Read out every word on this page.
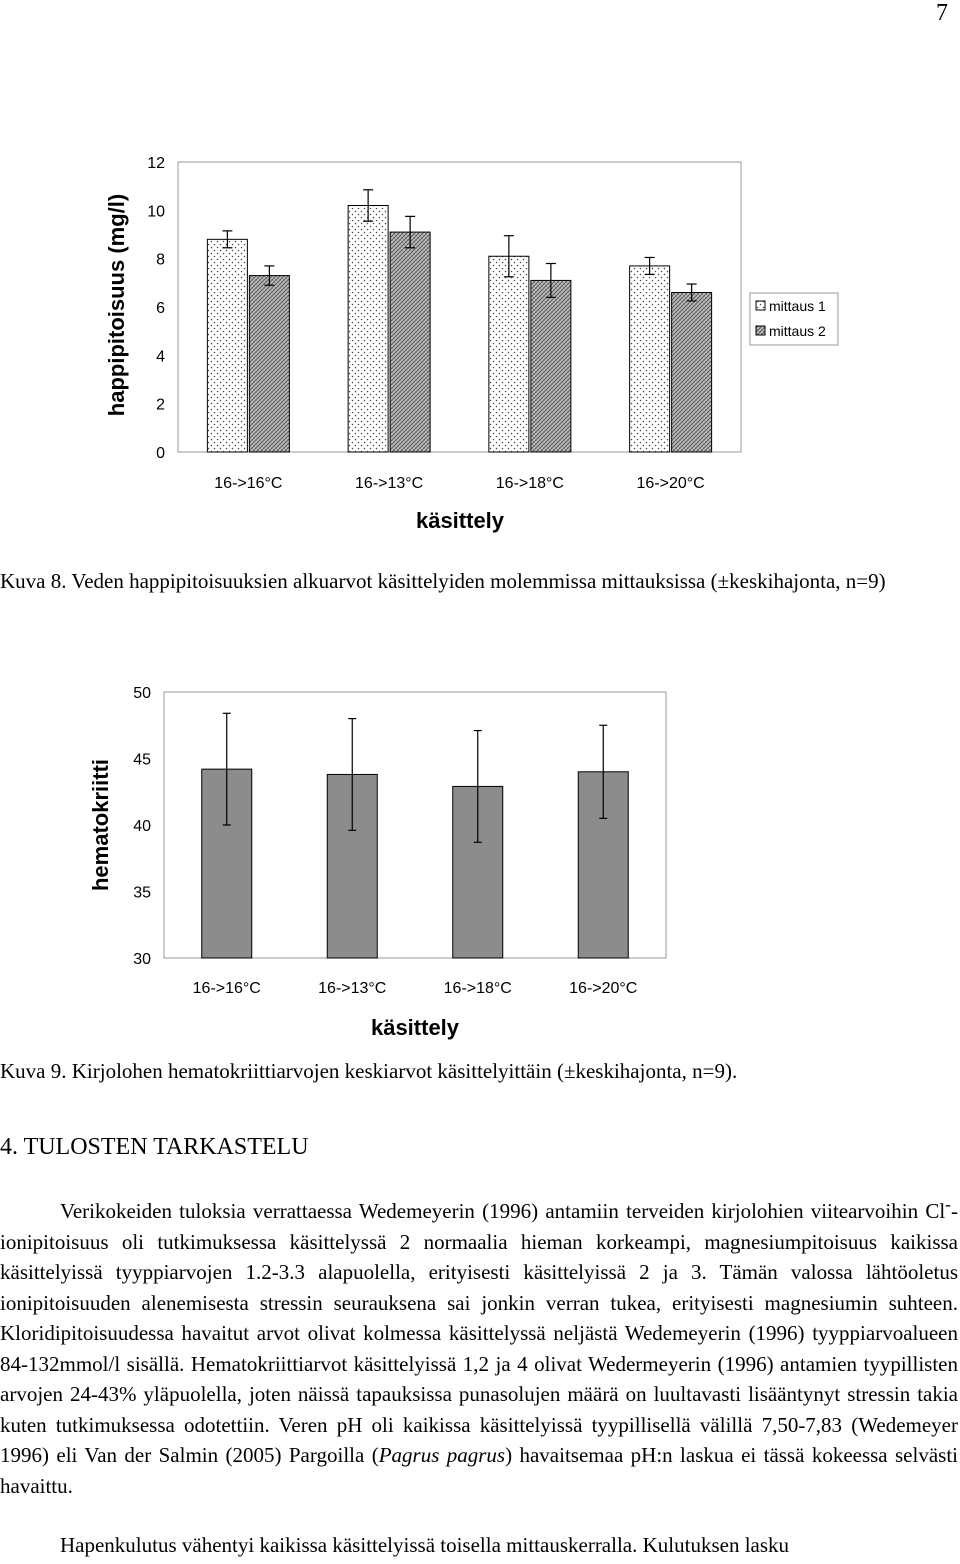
7
0
2
4
6
8
10
12
16->16°C	16->13°C	16->18°C	16->20°C
käsittely
happipitoisuus (mg/l)	mittaus 1
mittaus 2
Kuva 8. Veden happipitoisuuksien alkuarvot käsittelyiden molemmissa mittauksissa (±keskihajonta, n=9)
30
35
40
45
50
16->16°C	16->13°C	16->18°C	16->20°C
käsittely
hematokriitti
Kuva 9. Kirjolohen hematokriittiarvojen keskiarvot käsittelyittäin (±keskihajonta, n=9).
4. TULOSTEN TARKASTELU
Verikokeiden tuloksia verrattaessa Wedemeyerin (1996) antamiin terveiden kirjolohien viitearvoihin Cl--ionipitoisuus oli tutkimuksessa käsittelyssä 2 normaalia hieman korkeampi, magnesiumpitoisuus kaikissa käsittelyissä tyyppiarvojen 1.2-3.3 alapuolella, erityisesti käsittelyissä 2 ja 3. Tämän valossa lähtöoletus ionipitoisuuden alenemisesta stressin seurauksena sai jonkin verran tukea, erityisesti magnesiumin suhteen. Kloridipitoisuudessa havaitut arvot olivat kolmessa käsittelyssä neljästä Wedemeyerin (1996) tyyppiarvoalueen 84-132mmol/l sisällä. Hematokriittiarvot käsittelyissä 1,2 ja 4 olivat Wedermeyerin (1996) antamien tyypillisten arvojen 24-43% yläpuolella, joten näissä tapauksissa punasolujen määrä on luultavasti lisääntynyt stressin takia kuten tutkimuksessa odotettiin. Veren pH oli kaikissa käsittelyissä tyypillisellä välillä 7,50-7,83 (Wedemeyer 1996) eli Van der Salmin (2005) Pargoilla (Pagrus pagrus) havaitsemaa pH:n laskua ei tässä kokeessa selvästi havaittu.
Hapenkulutus vähentyi kaikissa käsittelyissä toisella mittauskerralla. Kulutuksen lasku
